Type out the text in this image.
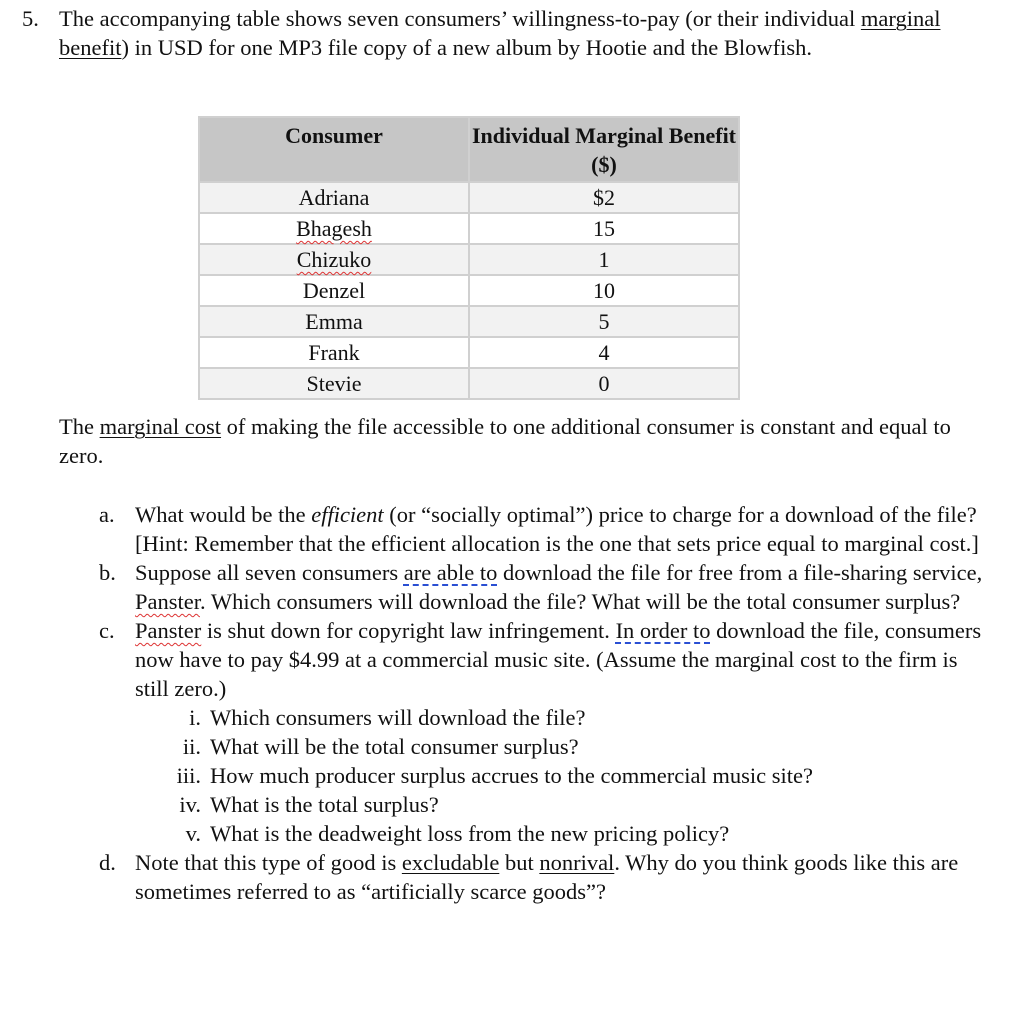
5. The accompanying table shows seven consumers’ willingness-to-pay (or their individual marginal benefit) in USD for one MP3 file copy of a new album by Hootie and the Blowfish.
Consumer	Individual Marginal Benefit ($)
Adriana	$2
Bhagesh	15
Chizuko	1
Denzel	10
Emma	5
Frank	4
Stevie	0
The marginal cost of making the file accessible to one additional consumer is constant and equal to zero.
a. What would be the efficient (or “socially optimal”) price to charge for a download of the file? [Hint: Remember that the efficient allocation is the one that sets price equal to marginal cost.]
b. Suppose all seven consumers are able to download the file for free from a file-sharing service, Panster. Which consumers will download the file? What will be the total consumer surplus?
c. Panster is shut down for copyright law infringement. In order to download the file, consumers now have to pay $4.99 at a commercial music site. (Assume the marginal cost to the firm is still zero.)
i. Which consumers will download the file?
ii. What will be the total consumer surplus?
iii. How much producer surplus accrues to the commercial music site?
iv. What is the total surplus?
v. What is the deadweight loss from the new pricing policy?
d. Note that this type of good is excludable but nonrival. Why do you think goods like this are sometimes referred to as “artificially scarce goods”?
